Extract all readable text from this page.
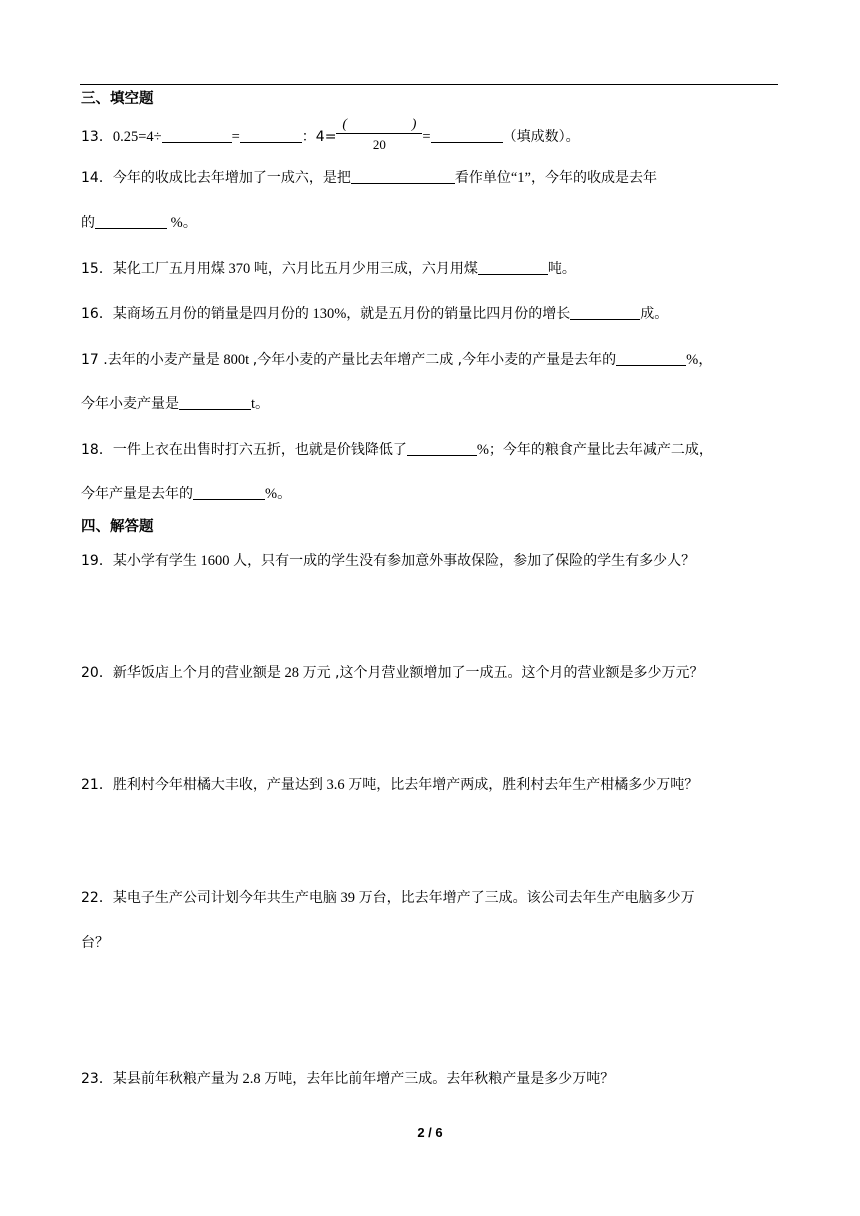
三、填空题
13．0.25=4÷	=	：4=
(	)
20	=	（填成数）。
14．今年的收成比去年增加了一成六，是把	看作单位“1”，今年的收成是去年
的	%。
15．某化工厂五月用煤 370 吨，六月比五月少用三成，六月用煤	吨。
16．某商场五月份的销量是四月份的 130%，就是五月份的销量比四月份的增长	成。
17 .去年的小麦产量是 800t ,今年小麦的产量比去年增产二成 ,今年小麦的产量是去年的	%，
今年小麦产量是	t。
18．一件上衣在出售时打六五折，也就是价钱降低了	%；今年的粮食产量比去年减产二成，
今年产量是去年的	%。
四、解答题
19．某小学有学生 1600 人，只有一成的学生没有参加意外事故保险，参加了保险的学生有多少人？
20．新华饭店上个月的营业额是 28 万元 ,这个月营业额增加了一成五。这个月的营业额是多少万元？
21．胜利村今年柑橘大丰收，产量达到 3.6 万吨，比去年增产两成，胜利村去年生产柑橘多少万吨？
22．某电子生产公司计划今年共生产电脑 39 万台，比去年增产了三成。该公司去年生产电脑多少万
台？
23．某县前年秋粮产量为 2.8 万吨，去年比前年增产三成。去年秋粮产量是多少万吨？
2 / 6
